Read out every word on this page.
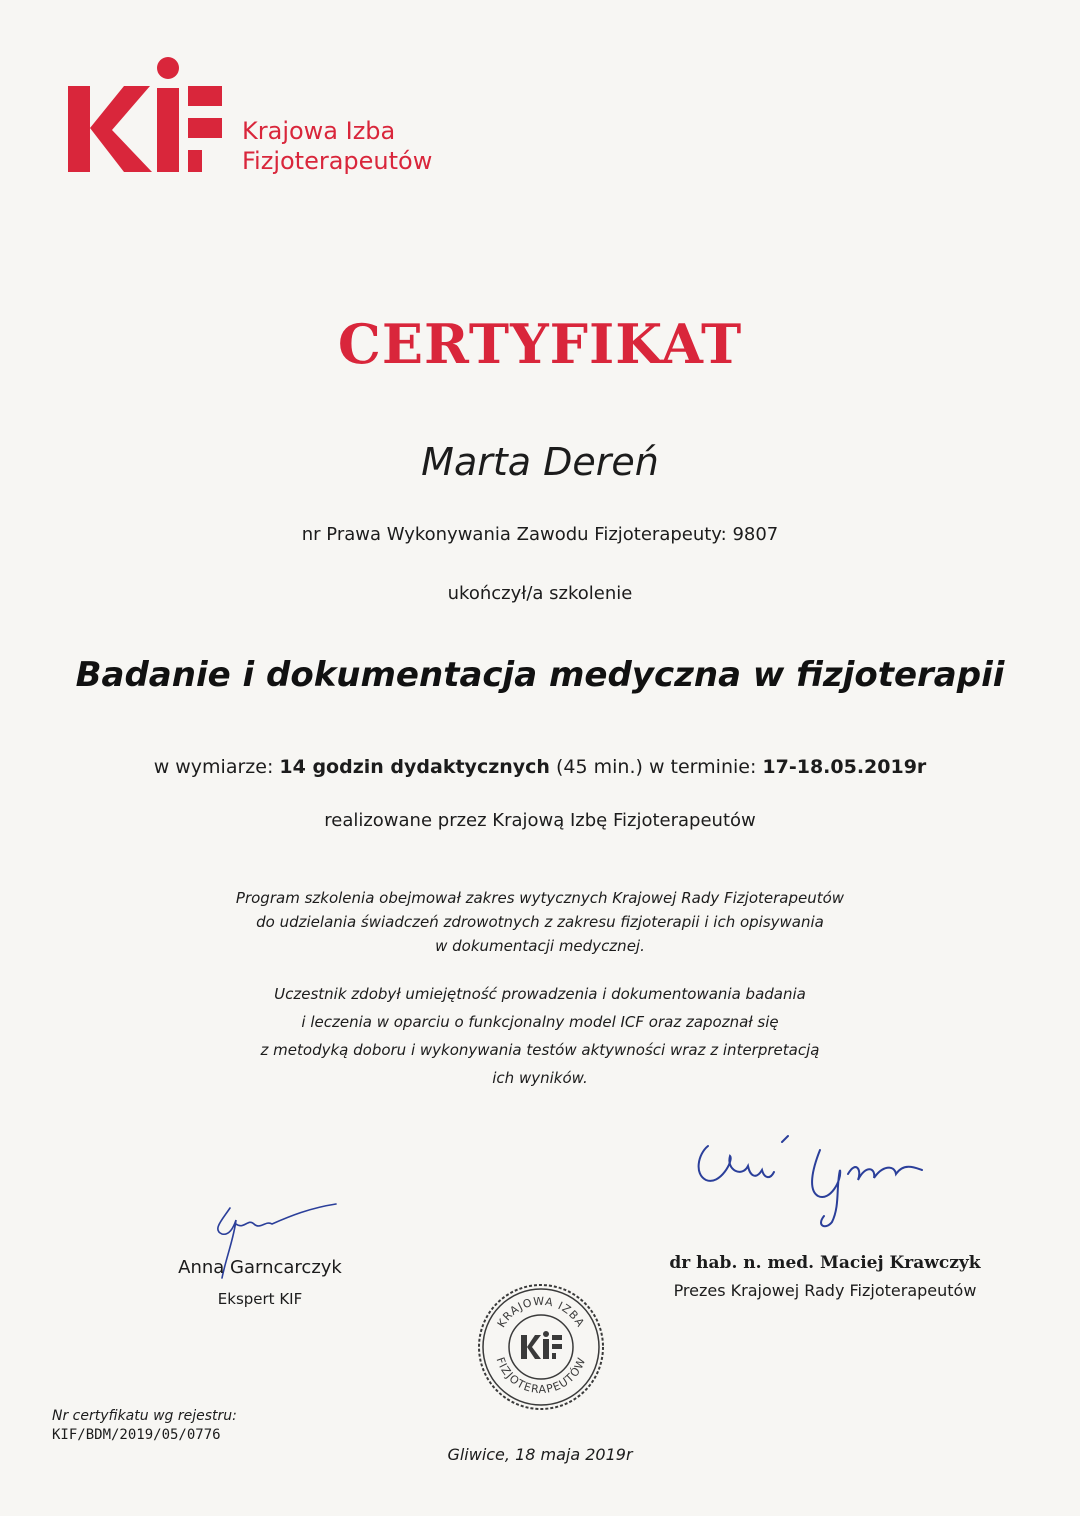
Krajowa Izba
Fizjoterapeutów
CERTYFIKAT
Marta Dereń
nr Prawa Wykonywania Zawodu Fizjoterapeuty: 9807
ukończył/a szkolenie
Badanie i dokumentacja medyczna w fizjoterapii
w wymiarze: 14 godzin dydaktycznych (45 min.) w terminie: 17-18.05.2019r
realizowane przez Krajową Izbę Fizjoterapeutów
Program szkolenia obejmował zakres wytycznych Krajowej Rady Fizjoterapeutów
do udzielania świadczeń zdrowotnych z zakresu fizjoterapii i ich opisywania
w dokumentacji medycznej.
Uczestnik zdobył umiejętność prowadzenia i dokumentowania badania
i leczenia w oparciu o funkcjonalny model ICF oraz zapoznał się
z metodyką doboru i wykonywania testów aktywności wraz z interpretacją
ich wyników.
Anna Garncarczyk
Ekspert KIF
dr hab. n. med. Maciej Krawczyk
Prezes Krajowej Rady Fizjoterapeutów
KRAJOWA IZBA
FIZJOTERAPEUTÓW
Nr certyfikatu wg rejestru:
KIF/BDM/2019/05/0776
Gliwice, 18 maja 2019r
